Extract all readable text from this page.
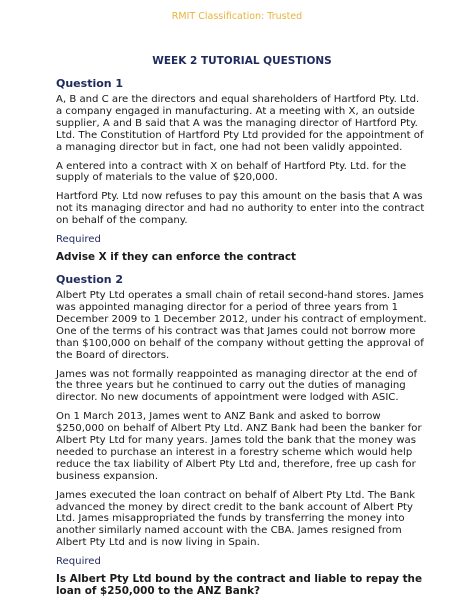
RMIT Classification: Trusted
WEEK 2 TUTORIAL QUESTIONS
Question 1

A, B and C are the directors and equal shareholders of Hartford Pty. Ltd. a company engaged in manufacturing. At a meeting with X, an outside supplier, A and B said that A was the managing director of Hartford Pty. Ltd. The Constitution of Hartford Pty Ltd provided for the appointment of a managing director but in fact, one had not been validly appointed.

A entered into a contract with X on behalf of Hartford Pty. Ltd. for the supply of materials to the value of $20,000.

Hartford Pty. Ltd now refuses to pay this amount on the basis that A was not its managing director and had no authority to enter into the contract on behalf of the company.

Required
Advise X if they can enforce the contract
Question 2

Albert Pty Ltd operates a small chain of retail second-hand stores. James was appointed managing director for a period of three years from 1 December 2009 to 1 December 2012, under his contract of employment. One of the terms of his contract was that James could not borrow more than $100,000 on behalf of the company without getting the approval of the Board of directors.

James was not formally reappointed as managing director at the end of the three years but he continued to carry out the duties of managing director. No new documents of appointment were lodged with ASIC.

On 1 March 2013, James went to ANZ Bank and asked to borrow $250,000 on behalf of Albert Pty Ltd. ANZ Bank had been the banker for Albert Pty Ltd for many years. James told the bank that the money was needed to purchase an interest in a forestry scheme which would help reduce the tax liability of Albert Pty Ltd and, therefore, free up cash for business expansion.

James executed the loan contract on behalf of Albert Pty Ltd. The Bank advanced the money by direct credit to the bank account of Albert Pty Ltd. James misappropriated the funds by transferring the money into another similarly named account with the CBA. James resigned from Albert Pty Ltd and is now living in Spain.

Required
Is Albert Pty Ltd bound by the contract and liable to repay the loan of $250,000 to the ANZ Bank?
